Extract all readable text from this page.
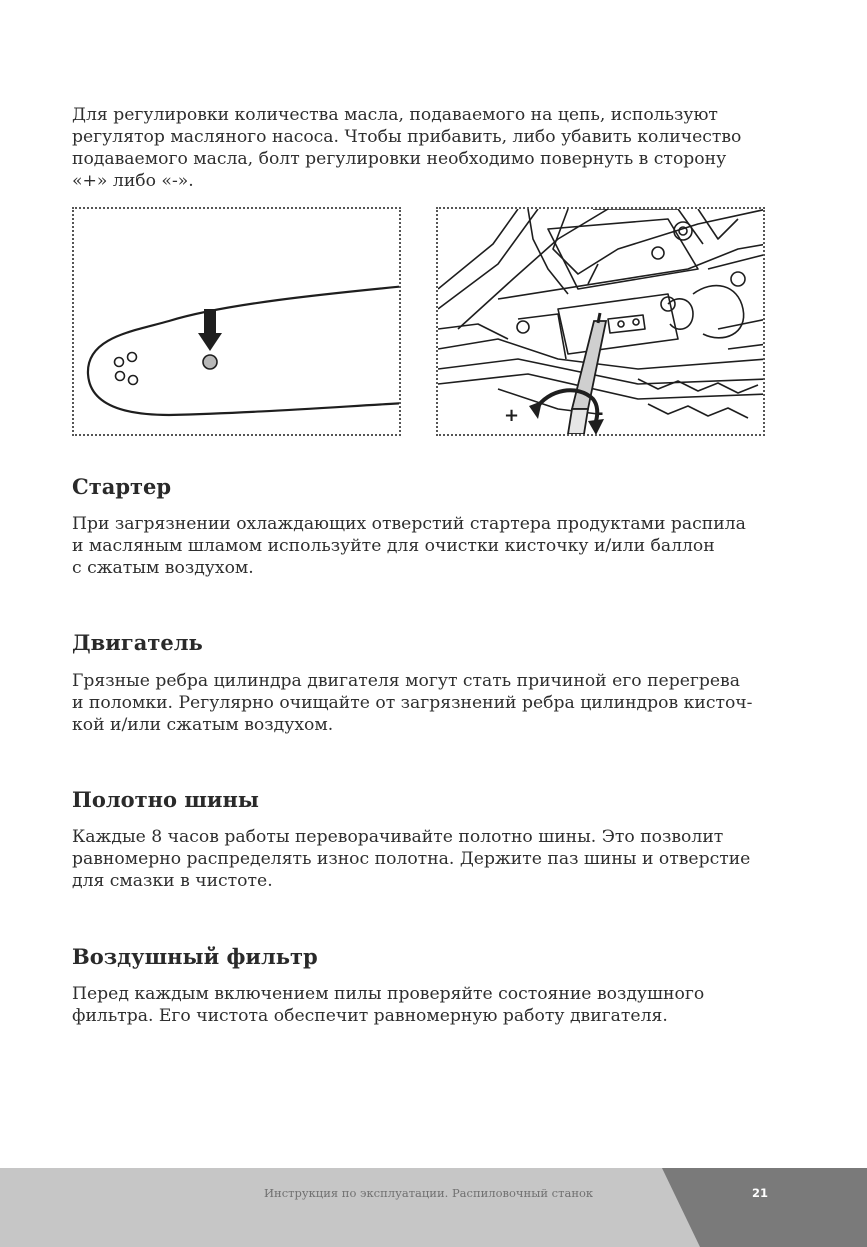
Для регулировки количества масла, подаваемого на цепь, используют
регулятор масляного насоса. Чтобы прибавить, либо убавить количество
подаваемого масла, болт регулировки необходимо повернуть в сторону
«+» либо «-».

+	-
Стартер

При загрязнении охлаждающих отверстий стартера продуктами распила
и масляным шламом используйте для очистки кисточку и/или баллон
с сжатым воздухом.

Двигатель

Грязные ребра цилиндра двигателя могут стать причиной его перегрева
и поломки. Регулярно очищайте от загрязнений ребра цилиндров кисточ-
кой и/или сжатым воздухом.

Полотно шины

Каждые 8 часов работы переворачивайте полотно шины. Это позволит
равномерно распределять износ полотна. Держите паз шины и отверстие
для смазки в чистоте.

Воздушный фильтр

Перед каждым включением пилы проверяйте состояние воздушного
фильтра. Его чистота обеспечит равномерную работу двигателя.

Инструкция по эксплуатации. Распиловочный станок	21
